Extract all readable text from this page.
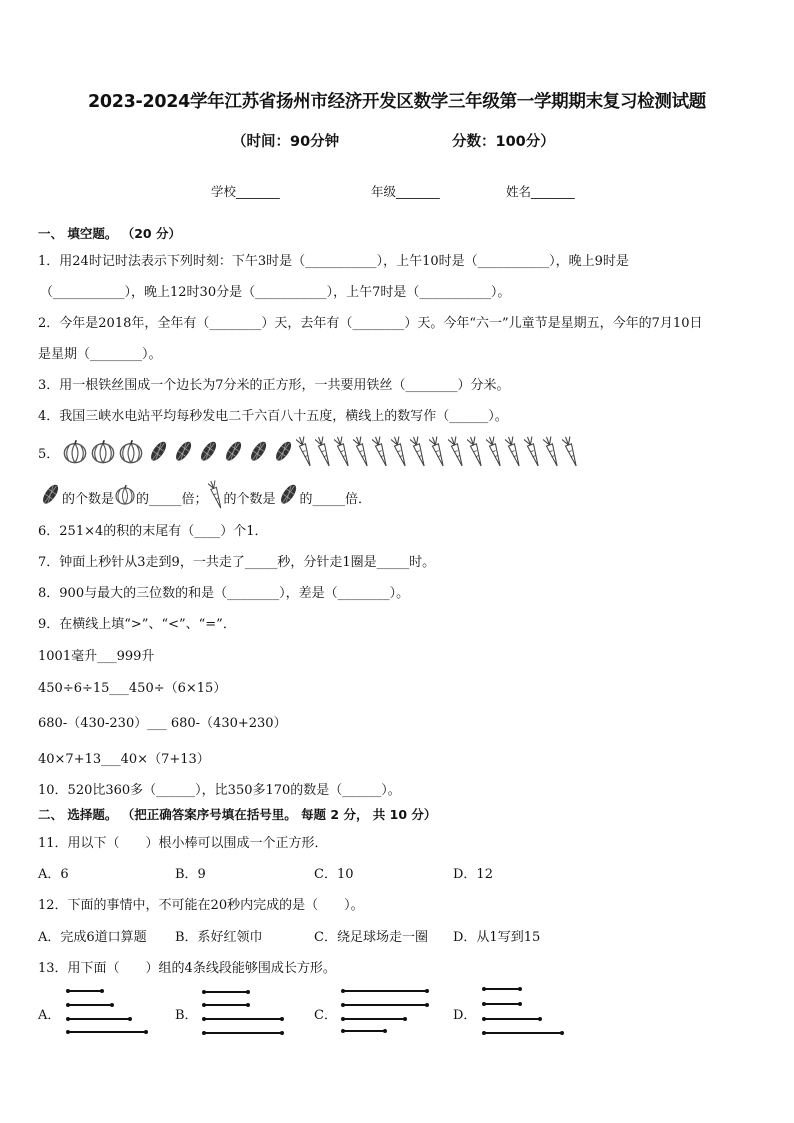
2023-2024学年江苏省扬州市经济开发区数学三年级第一学期期末复习检测试题
（时间：90分钟	分数：100分）
学校_______	年级_______	姓名_______
一、 填空题。 （20 分）
1．用24时记时法表示下列时刻：下午3时是（___________），上午10时是（___________），晚上9时是
（___________），晚上12时30分是（___________），上午7时是（___________）。
2．今年是2018年，全年有（________）天，去年有（________）天。今年“六一”儿童节是星期五，今年的7月10日
是星期（________）。
3．用一根铁丝围成一个边长为7分米的正方形，一共要用铁丝（________）分米。
4．我国三峡水电站平均每秒发电二千六百八十五度，横线上的数写作（______）。
5．
的个数是 的_____倍； 的个数是 的_____倍．
6．251×4的积的末尾有（____）个1．
7．钟面上秒针从3走到9，一共走了_____秒，分针走1圈是_____时。
8．900与最大的三位数的和是（________），差是（________）。
9．在横线上填“>”、“<”、“=”．
1001毫升___999升
450÷6÷15___450÷（6×15）
680-（430-230）___ 680-（430+230）
40×7+13___40×（7+13）
10．520比360多（______），比350多170的数是（______）。
二、 选择题。 （把正确答案序号填在括号里。 每题 2 分， 共 10 分）
11．用以下（　　）根小棒可以围成一个正方形．
A．6	B．9	C．10	D．12
12．下面的事情中，不可能在20秒内完成的是（　　）。
A．完成6道口算题 B．系好红领巾	C．绕足球场走一圈 D．从1写到15
13．用下面（　　）组的4条线段能够围成长方形。
A．	B．	C．	D．
